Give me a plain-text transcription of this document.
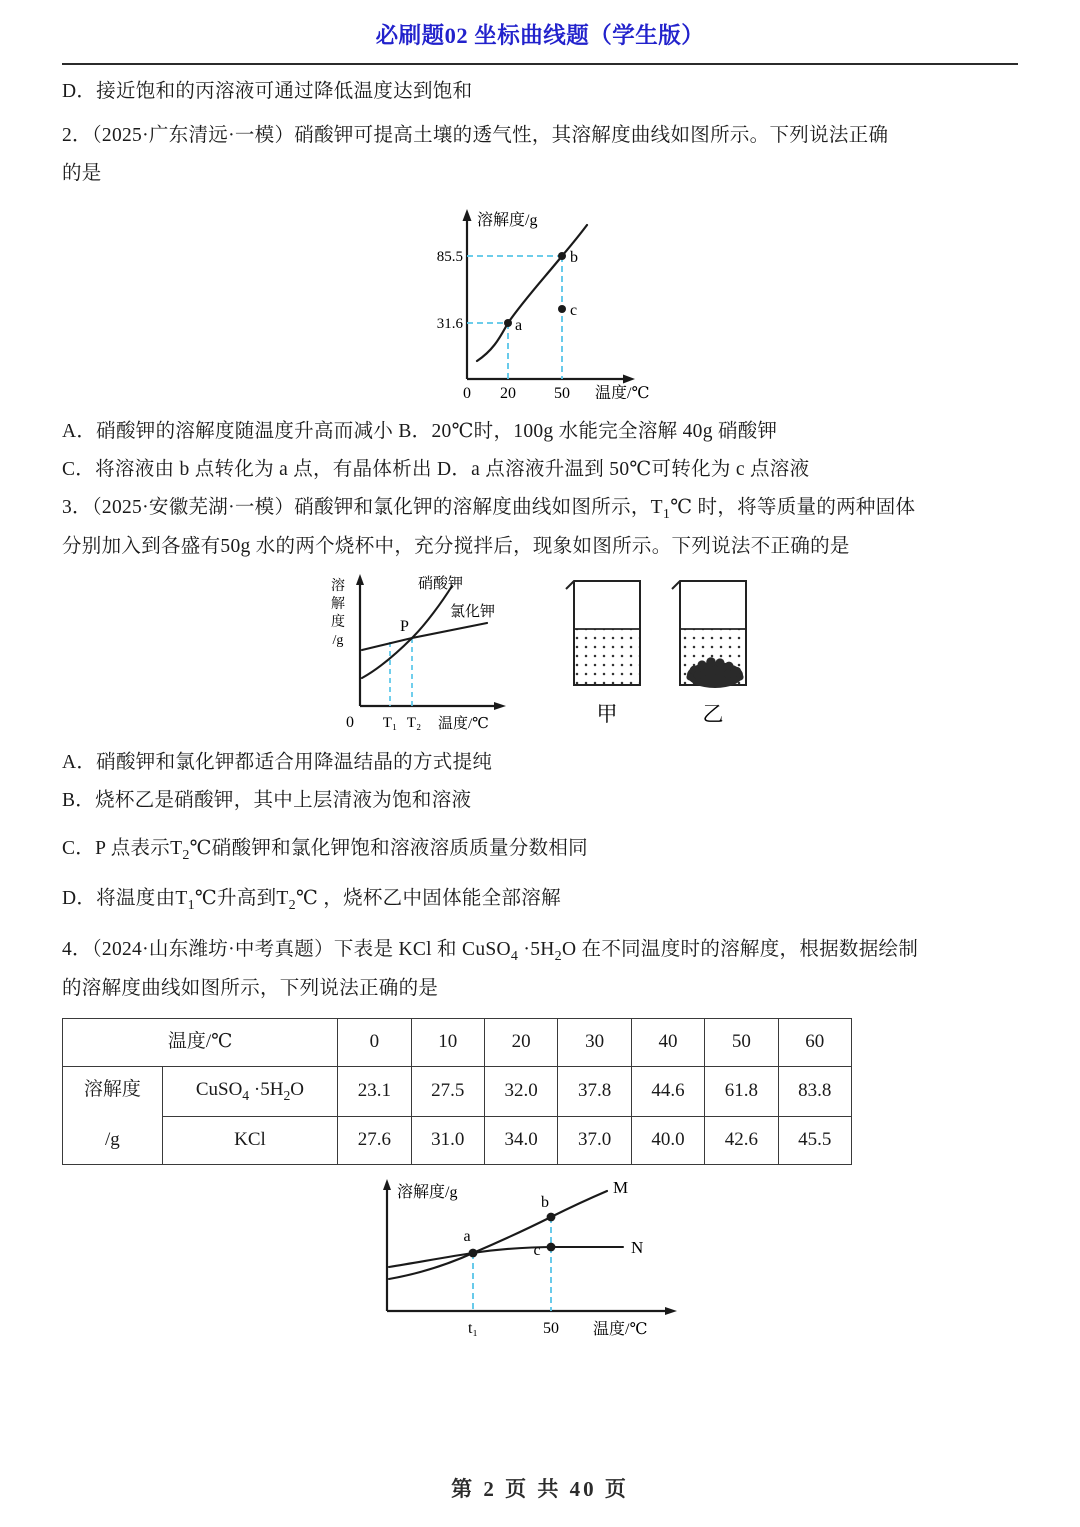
必刷题02 坐标曲线题（学生版）
D．接近饱和的丙溶液可通过降低温度达到饱和
2．（2025·广东清远·一模）硝酸钾可提高土壤的透气性，其溶解度曲线如图所示。下列说法正确
的是
a
b
c
85.5
31.6
0 20 50
溶解度/g
温度/℃
A．硝酸钾的溶解度随温度升高而减小 B．20℃时，100g 水能完全溶解 40g 硝酸钾
C．将溶液由 b 点转化为 a 点，有晶体析出 D．a 点溶液升温到 50℃可转化为 c 点溶液
3．（2025·安徽芜湖·一模）硝酸钾和氯化钾的溶解度曲线如图所示，$T_1℃$ 时，将等质量的两种固体
分别加入到各盛有50g 水的两个烧杯中，充分搅拌后，现象如图所示。下列说法不正确的是
硝酸钾
氯化钾
P
溶
解
度
/g
0 T₁ T₂ 温度/℃	甲	乙
A．硝酸钾和氯化钾都适合用降温结晶的方式提纯
B．烧杯乙是硝酸钾，其中上层清液为饱和溶液
C．P 点表示$T_2℃$硝酸钾和氯化钾饱和溶液溶质质量分数相同
D．将温度由$T_1℃$升高到$T_2℃$ ，烧杯乙中固体能全部溶解
4．（2024·山东潍坊·中考真题）下表是 KCl 和 CuSO$_4$ $\cdot 5H_2O$ 在不同温度时的溶解度，根据数据绘制
的溶解度曲线如图所示，下列说法正确的是
温度/℃		0	10	20	30	40	50	60

溶解度
/g	CuSO$_4$ $\cdot 5H_2O$	23.1	27.5	32.0	37.8	44.6	61.8	83.8
	KCl	27.6	31.0	34.0	37.0	40.0	42.6	45.5
a
b
c
M
N
溶解度/g
t₁	50 温度/℃
第 2 页 共 40 页
